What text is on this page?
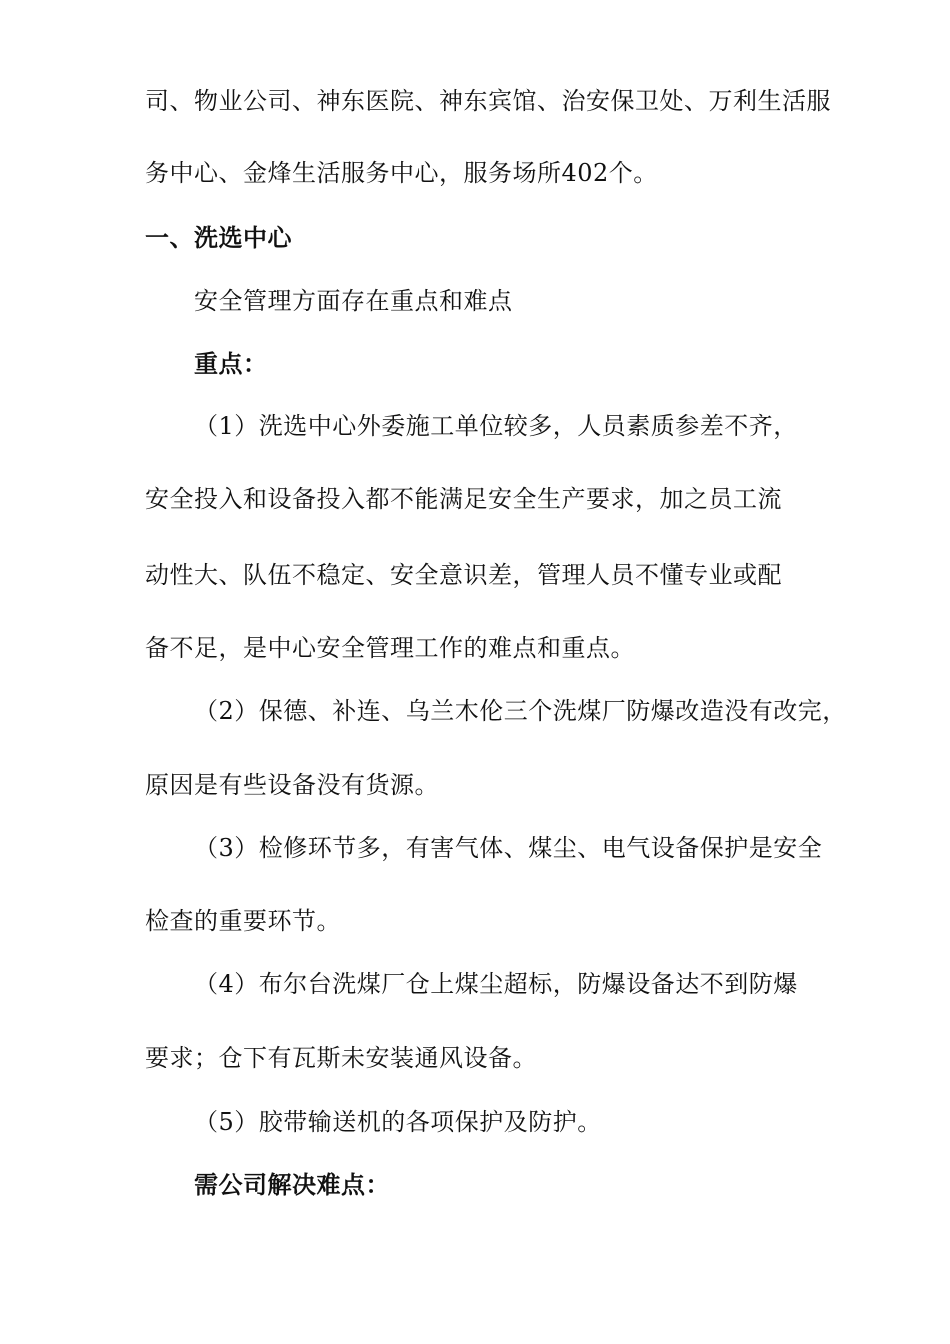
司、物业公司、神东医院、神东宾馆、治安保卫处、万利生活服
务中心、金烽生活服务中心，服务场所402个。
一、洗选中心
安全管理方面存在重点和难点
重点：
（1）洗选中心外委施工单位较多，人员素质参差不齐，
安全投入和设备投入都不能满足安全生产要求，加之员工流
动性大、队伍不稳定、安全意识差，管理人员不懂专业或配
备不足，是中心安全管理工作的难点和重点。
（2）保德、补连、乌兰木伦三个洗煤厂防爆改造没有改完，
原因是有些设备没有货源。
（3）检修环节多，有害气体、煤尘、电气设备保护是安全
检查的重要环节。
（4）布尔台洗煤厂仓上煤尘超标，防爆设备达不到防爆
要求；仓下有瓦斯未安装通风设备。
（5）胶带输送机的各项保护及防护。
需公司解决难点：
